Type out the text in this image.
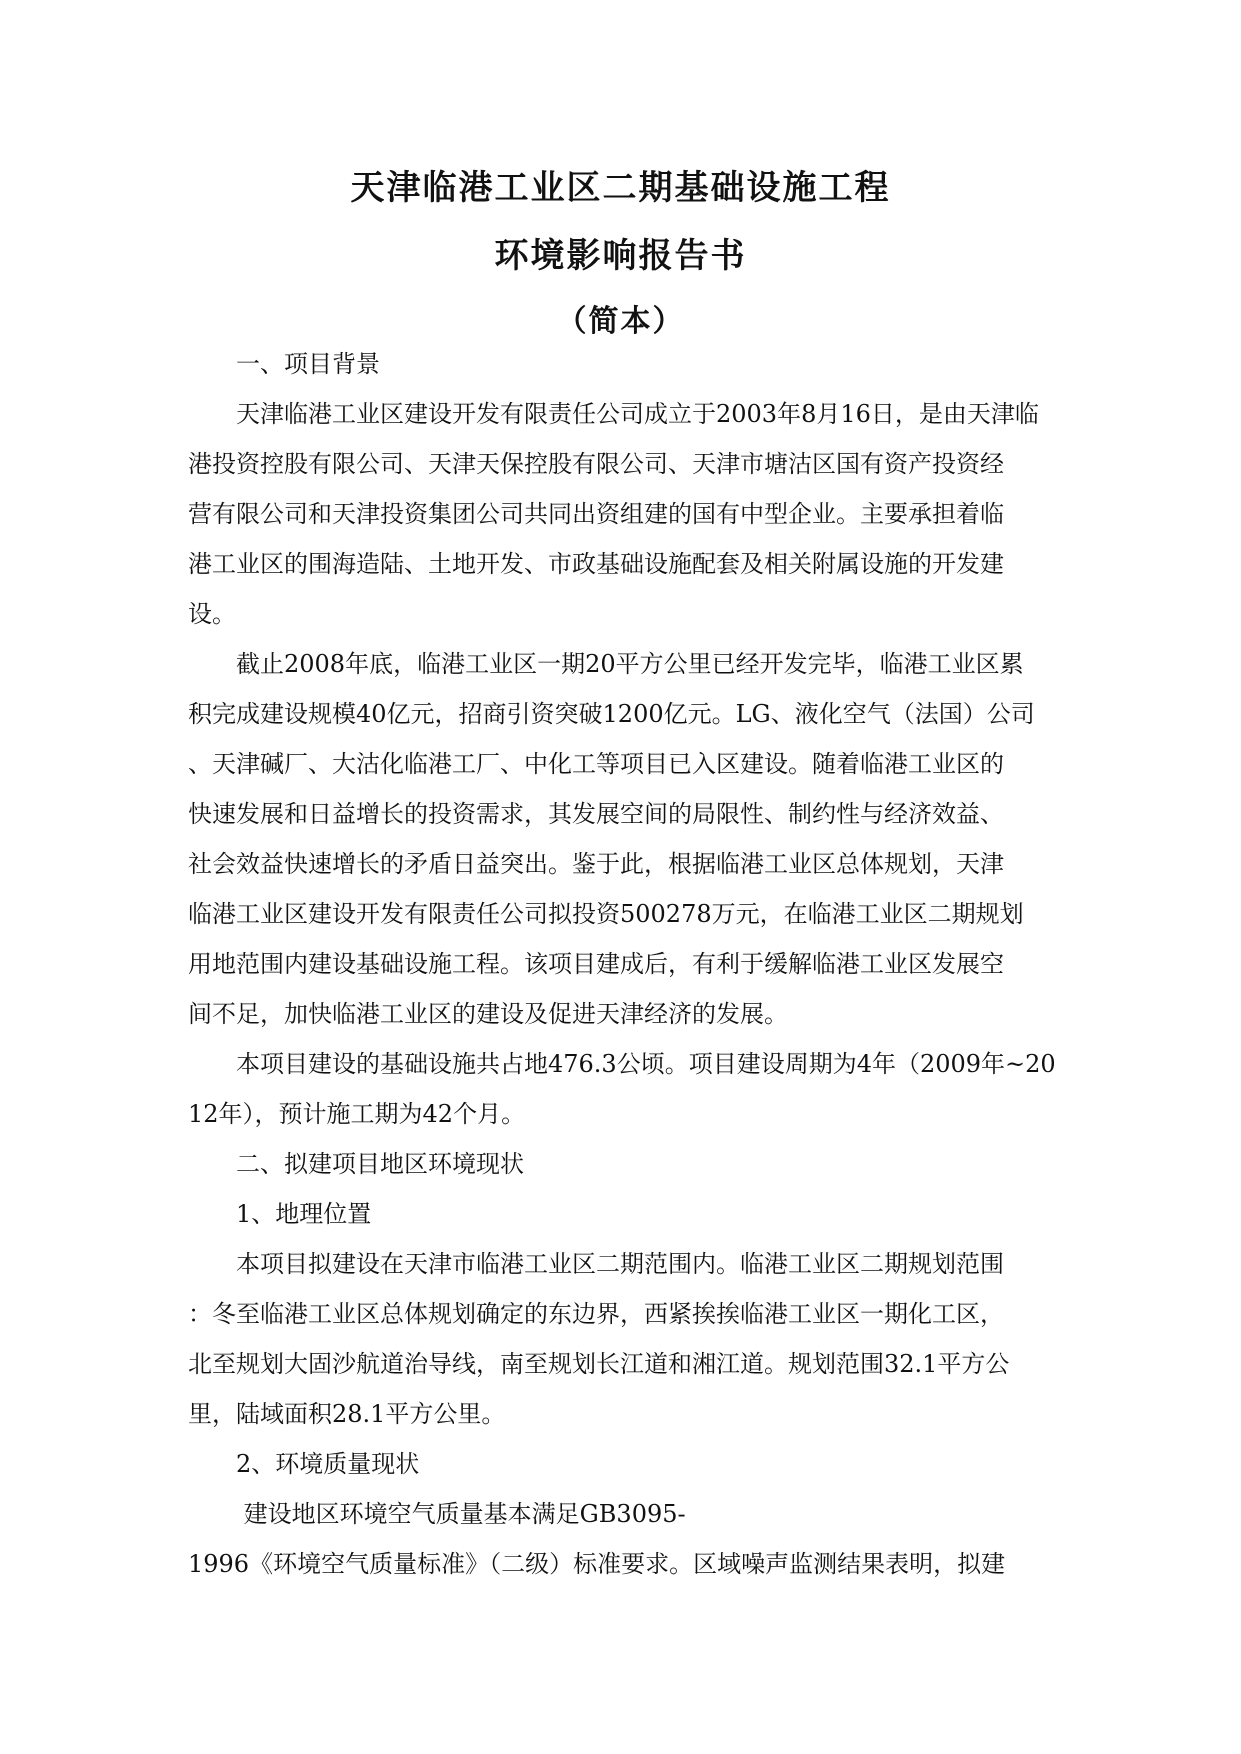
天津临港工业区二期基础设施工程
环境影响报告书
（简本）
　　一、项目背景
　　天津临港工业区建设开发有限责任公司成立于2003年8月16日，是由天津临
港投资控股有限公司、天津天保控股有限公司、天津市塘沽区国有资产投资经
营有限公司和天津投资集团公司共同出资组建的国有中型企业。主要承担着临
港工业区的围海造陆、土地开发、市政基础设施配套及相关附属设施的开发建
设。
　　截止2008年底，临港工业区一期20平方公里已经开发完毕，临港工业区累
积完成建设规模40亿元，招商引资突破1200亿元。LG、液化空气（法国）公司
、天津碱厂、大沽化临港工厂、中化工等项目已入区建设。随着临港工业区的
快速发展和日益增长的投资需求，其发展空间的局限性、制约性与经济效益、
社会效益快速增长的矛盾日益突出。鉴于此，根据临港工业区总体规划，天津
临港工业区建设开发有限责任公司拟投资500278万元，在临港工业区二期规划
用地范围内建设基础设施工程。该项目建成后，有利于缓解临港工业区发展空
间不足，加快临港工业区的建设及促进天津经济的发展。
　　本项目建设的基础设施共占地476.3公顷。项目建设周期为4年（2009年~20
12年），预计施工期为42个月。
　　二、拟建项目地区环境现状
　　1、地理位置
　　本项目拟建设在天津市临港工业区二期范围内。临港工业区二期规划范围
：冬至临港工业区总体规划确定的东边界，西紧挨挨临港工业区一期化工区，
北至规划大固沙航道治导线，南至规划长江道和湘江道。规划范围32.1平方公
里，陆域面积28.1平方公里。
　　2、环境质量现状
　　 建设地区环境空气质量基本满足GB3095-
1996《环境空气质量标准》（二级）标准要求。区域噪声监测结果表明，拟建
